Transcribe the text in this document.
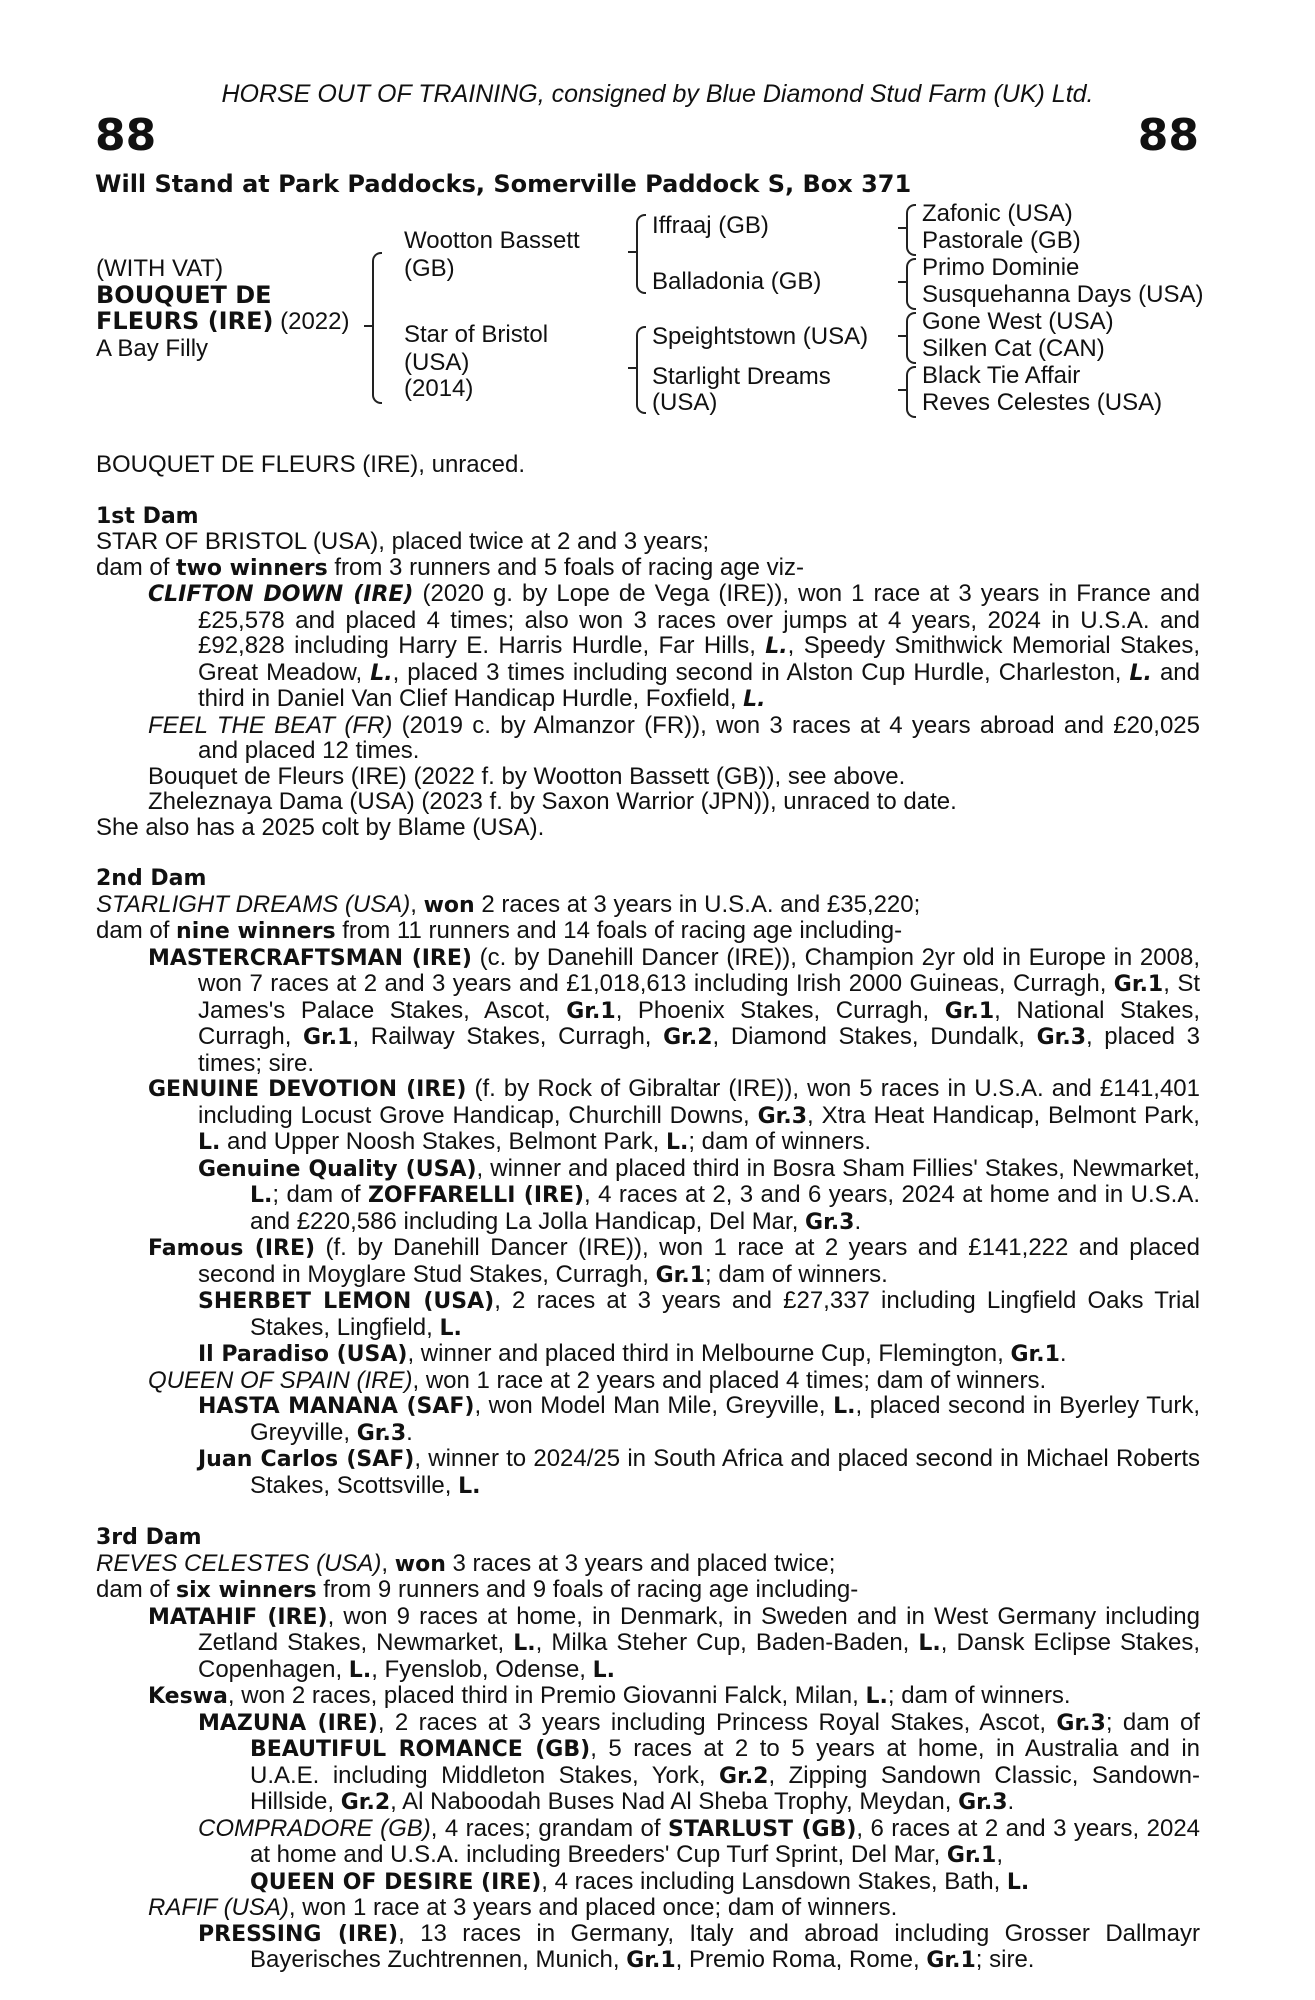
HORSE OUT OF TRAINING, consigned by Blue Diamond Stud Farm (UK) Ltd.
88	88
Will Stand at Park Paddocks, Somerville Paddock S, Box 371
(WITH VAT)
BOUQUET DE
FLEURS (IRE) (2022)
A Bay Filly
Wootton Bassett
(GB)
Star of Bristol
(USA)
(2014)
Iffraaj (GB)
Balladonia (GB)
Speightstown (USA)
Starlight Dreams
(USA)
Zafonic (USA)
Pastorale (GB)
Primo Dominie
Susquehanna Days (USA)
Gone West (USA)
Silken Cat (CAN)
Black Tie Affair
Reves Celestes (USA)

BOUQUET DE FLEURS (IRE), unraced.

1st Dam

STAR OF BRISTOL (USA), placed twice at 2 and 3 years;

dam of two winners from 3 runners and 5 foals of racing age viz-

CLIFTON DOWN (IRE) (2020 g. by Lope de Vega (IRE)), won 1 race at 3 years in France and £25,578 and placed 4 times; also won 3 races over jumps at 4 years, 2024 in U.S.A. and £92,828 including Harry E. Harris Hurdle, Far Hills, L., Speedy Smithwick Memorial Stakes, Great Meadow, L., placed 3 times including second in Alston Cup Hurdle, Charleston, L. and third in Daniel Van Clief Handicap Hurdle, Foxfield, L.

FEEL THE BEAT (FR) (2019 c. by Almanzor (FR)), won 3 races at 4 years abroad and £20,025 and placed 12 times.

Bouquet de Fleurs (IRE) (2022 f. by Wootton Bassett (GB)), see above.

Zheleznaya Dama (USA) (2023 f. by Saxon Warrior (JPN)), unraced to date.

She also has a 2025 colt by Blame (USA).

2nd Dam

STARLIGHT DREAMS (USA), won 2 races at 3 years in U.S.A. and £35,220;

dam of nine winners from 11 runners and 14 foals of racing age including-

MASTERCRAFTSMAN (IRE) (c. by Danehill Dancer (IRE)), Champion 2yr old in Europe in 2008, won 7 races at 2 and 3 years and £1,018,613 including Irish 2000 Guineas, Curragh, Gr.1, St James's Palace Stakes, Ascot, Gr.1, Phoenix Stakes, Curragh, Gr.1, National Stakes, Curragh, Gr.1, Railway Stakes, Curragh, Gr.2, Diamond Stakes, Dundalk, Gr.3, placed 3 times; sire.

GENUINE DEVOTION (IRE) (f. by Rock of Gibraltar (IRE)), won 5 races in U.S.A. and £141,401 including Locust Grove Handicap, Churchill Downs, Gr.3, Xtra Heat Handicap, Belmont Park, L. and Upper Noosh Stakes, Belmont Park, L.; dam of winners.

Genuine Quality (USA), winner and placed third in Bosra Sham Fillies' Stakes, Newmarket, L.; dam of ZOFFARELLI (IRE), 4 races at 2, 3 and 6 years, 2024 at home and in U.S.A. and £220,586 including La Jolla Handicap, Del Mar, Gr.3.

Famous (IRE) (f. by Danehill Dancer (IRE)), won 1 race at 2 years and £141,222 and placed second in Moyglare Stud Stakes, Curragh, Gr.1; dam of winners.

SHERBET LEMON (USA), 2 races at 3 years and £27,337 including Lingfield Oaks Trial Stakes, Lingfield, L.

Il Paradiso (USA), winner and placed third in Melbourne Cup, Flemington, Gr.1.

QUEEN OF SPAIN (IRE), won 1 race at 2 years and placed 4 times; dam of winners.

HASTA MANANA (SAF), won Model Man Mile, Greyville, L., placed second in Byerley Turk, Greyville, Gr.3.

Juan Carlos (SAF), winner to 2024/25 in South Africa and placed second in Michael Roberts Stakes, Scottsville, L.

3rd Dam

REVES CELESTES (USA), won 3 races at 3 years and placed twice;

dam of six winners from 9 runners and 9 foals of racing age including-

MATAHIF (IRE), won 9 races at home, in Denmark, in Sweden and in West Germany including Zetland Stakes, Newmarket, L., Milka Steher Cup, Baden-Baden, L., Dansk Eclipse Stakes, Copenhagen, L., Fyenslob, Odense, L.

Keswa, won 2 races, placed third in Premio Giovanni Falck, Milan, L.; dam of winners.

MAZUNA (IRE), 2 races at 3 years including Princess Royal Stakes, Ascot, Gr.3; dam of BEAUTIFUL ROMANCE (GB), 5 races at 2 to 5 years at home, in Australia and in U.A.E. including Middleton Stakes, York, Gr.2, Zipping Sandown Classic, Sandown-Hillside, Gr.2, Al Naboodah Buses Nad Al Sheba Trophy, Meydan, Gr.3.

COMPRADORE (GB), 4 races; grandam of STARLUST (GB), 6 races at 2 and 3 years, 2024 at home and U.S.A. including Breeders' Cup Turf Sprint, Del Mar, Gr.1,
QUEEN OF DESIRE (IRE), 4 races including Lansdown Stakes, Bath, L.

RAFIF (USA), won 1 race at 3 years and placed once; dam of winners.

PRESSING (IRE), 13 races in Germany, Italy and abroad including Grosser Dallmayr Bayerisches Zuchtrennen, Munich, Gr.1, Premio Roma, Rome, Gr.1; sire.
